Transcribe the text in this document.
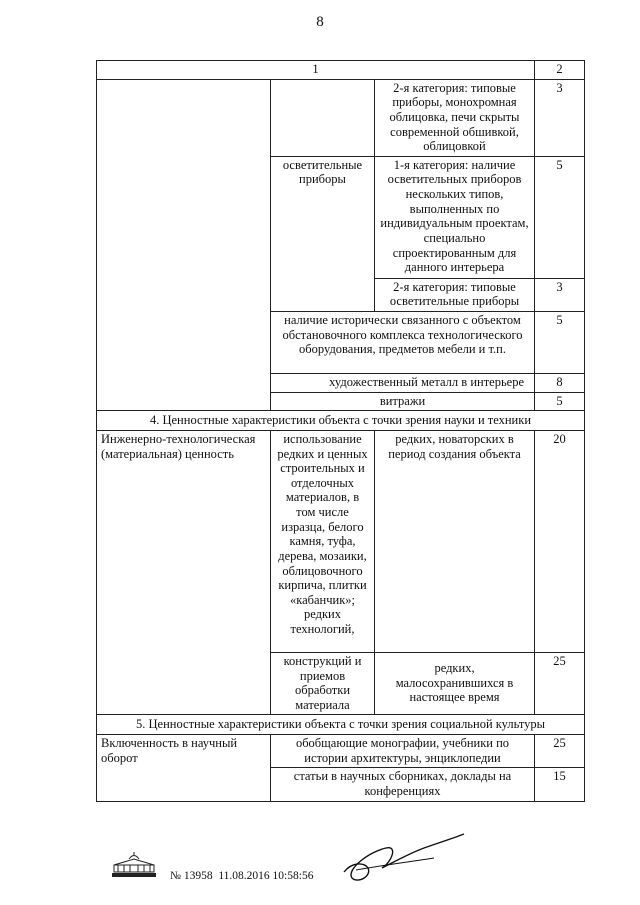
8
1			2
		2-я категория: типовые приборы, монохромная облицовка, печи скрыты современной обшивкой, облицовкой	3
	осветительные приборы	1-я категория: наличие осветительных приборов нескольких типов, выполненных по индивидуальным проектам, специально спроектированным для данного интерьера	5
		2-я категория: типовые осветительные приборы	3
	наличие исторически связанного с объектом обстановочного комплекса технологического оборудования, предметов мебели и т.п.		5
	художественный металл в интерьере		8
	витражи		5
4. Ценностные характеристики объекта с точки зрения науки и техники			
Инженерно-технологическая (материальная) ценность	использование редких и ценных строительных и отделочных материалов, в том числе изразца, белого камня, туфа, дерева, мозаики, облицовочного кирпича, плитки «кабанчик»; редких технологий,	редких, новаторских в период создания объекта	20
	конструкций и приемов обработки материала	редких, малосохранившихся в настоящее время	25
5. Ценностные характеристики объекта с точки зрения социальной культуры			
Включенность в научный оборот	обобщающие монографии, учебники по истории архитектуры, энциклопедии		25
	статьи в научных сборниках, доклады на конференциях		15
№ 13958 11.08.2016 10:58:56
